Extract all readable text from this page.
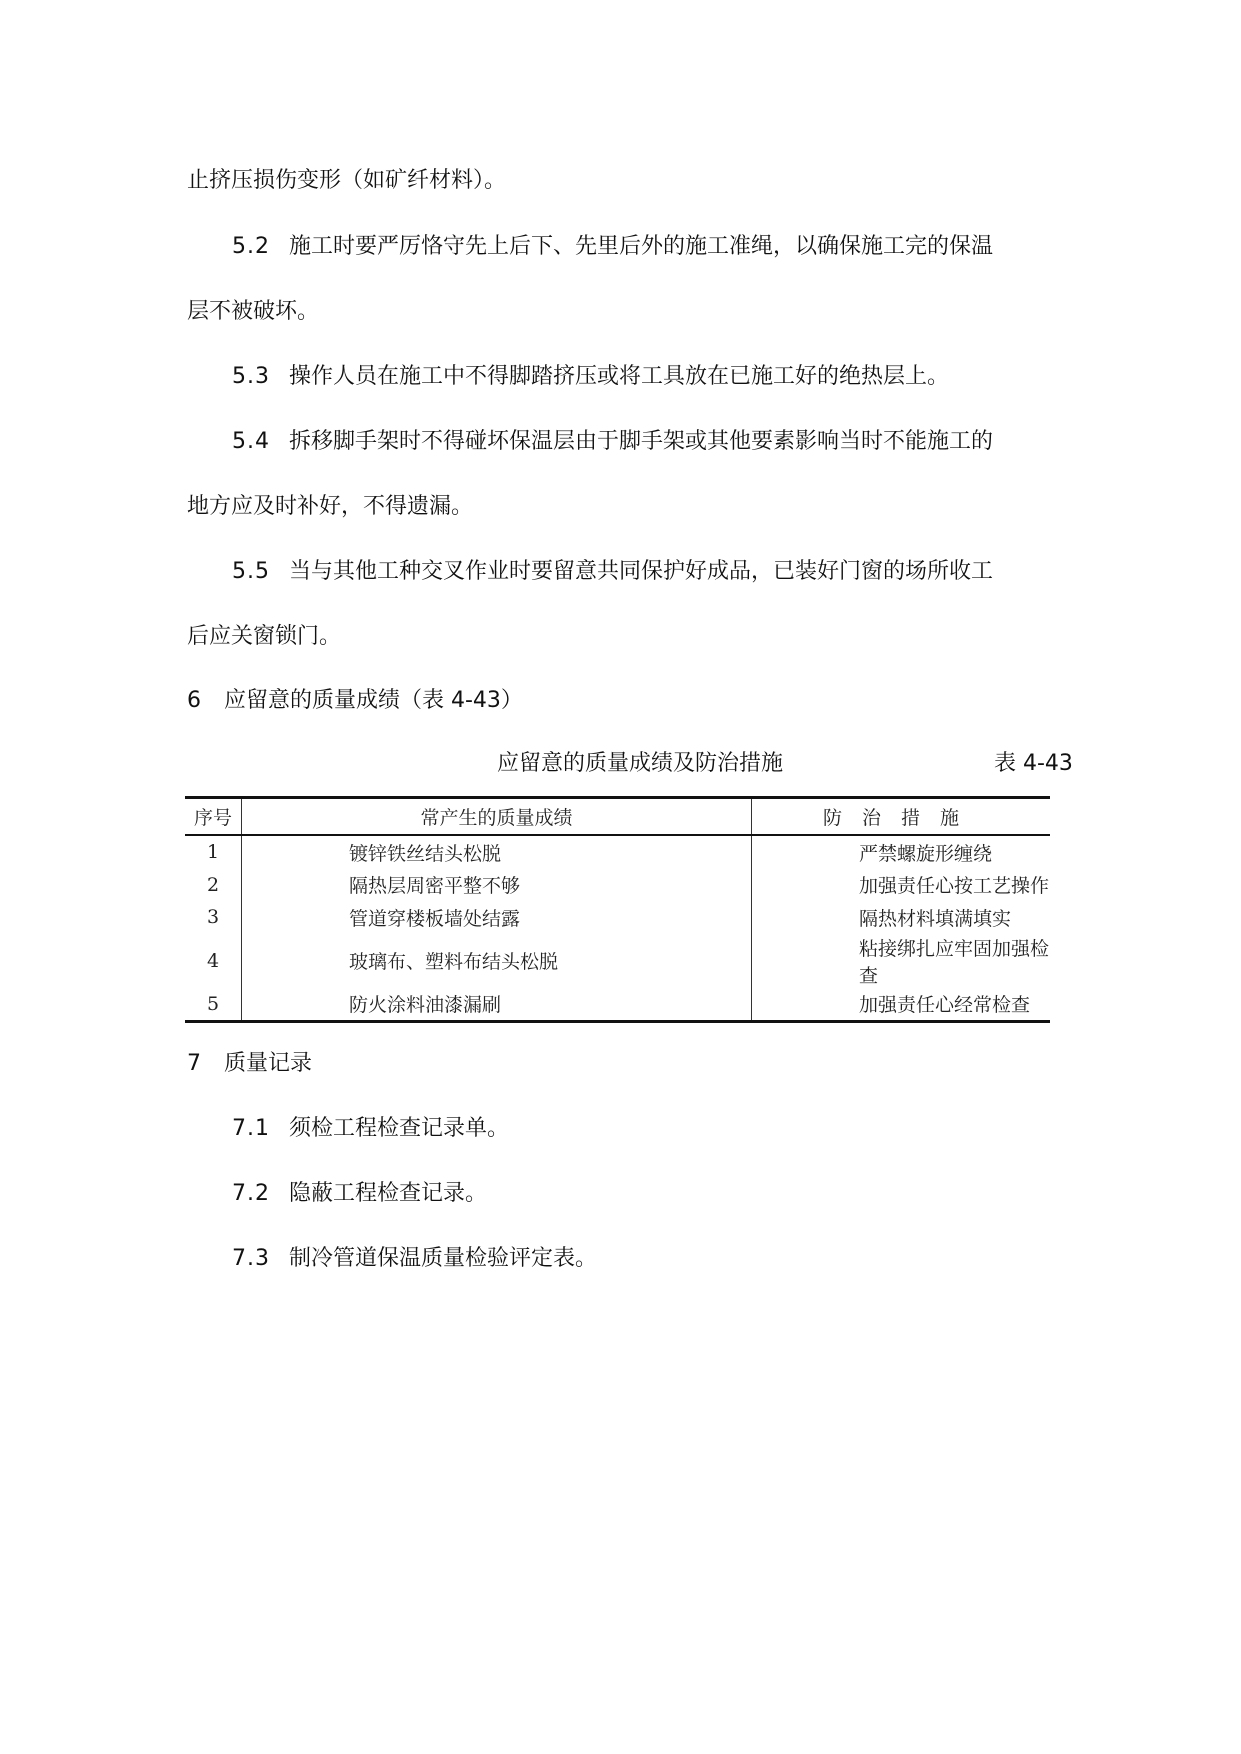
止挤压损伤变形（如矿纤材料）。
5.2 施工时要严厉恪守先上后下、先里后外的施工准绳，以确保施工完的保温
层不被破坏。
5.3 操作人员在施工中不得脚踏挤压或将工具放在已施工好的绝热层上。
5.4 拆移脚手架时不得碰坏保温层由于脚手架或其他要素影响当时不能施工的
地方应及时补好，不得遗漏。
5.5 当与其他工种交叉作业时要留意共同保护好成品，已装好门窗的场所收工
后应关窗锁门。
6 应留意的质量成绩（表 4-43）
应留意的质量成绩及防治措施	表 4-43
序号	常产生的质量成绩	防治措施
1	镀锌铁丝结头松脱	严禁螺旋形缠绕
2	隔热层周密平整不够	加强责任心按工艺操作
3	管道穿楼板墙处结露	隔热材料填满填实
4	玻璃布、塑料布结头松脱	粘接绑扎应牢固加强检查
5	防火涂料油漆漏刷	加强责任心经常检查
7 质量记录
7.1 须检工程检查记录单。
7.2 隐蔽工程检查记录。
7.3 制冷管道保温质量检验评定表。
